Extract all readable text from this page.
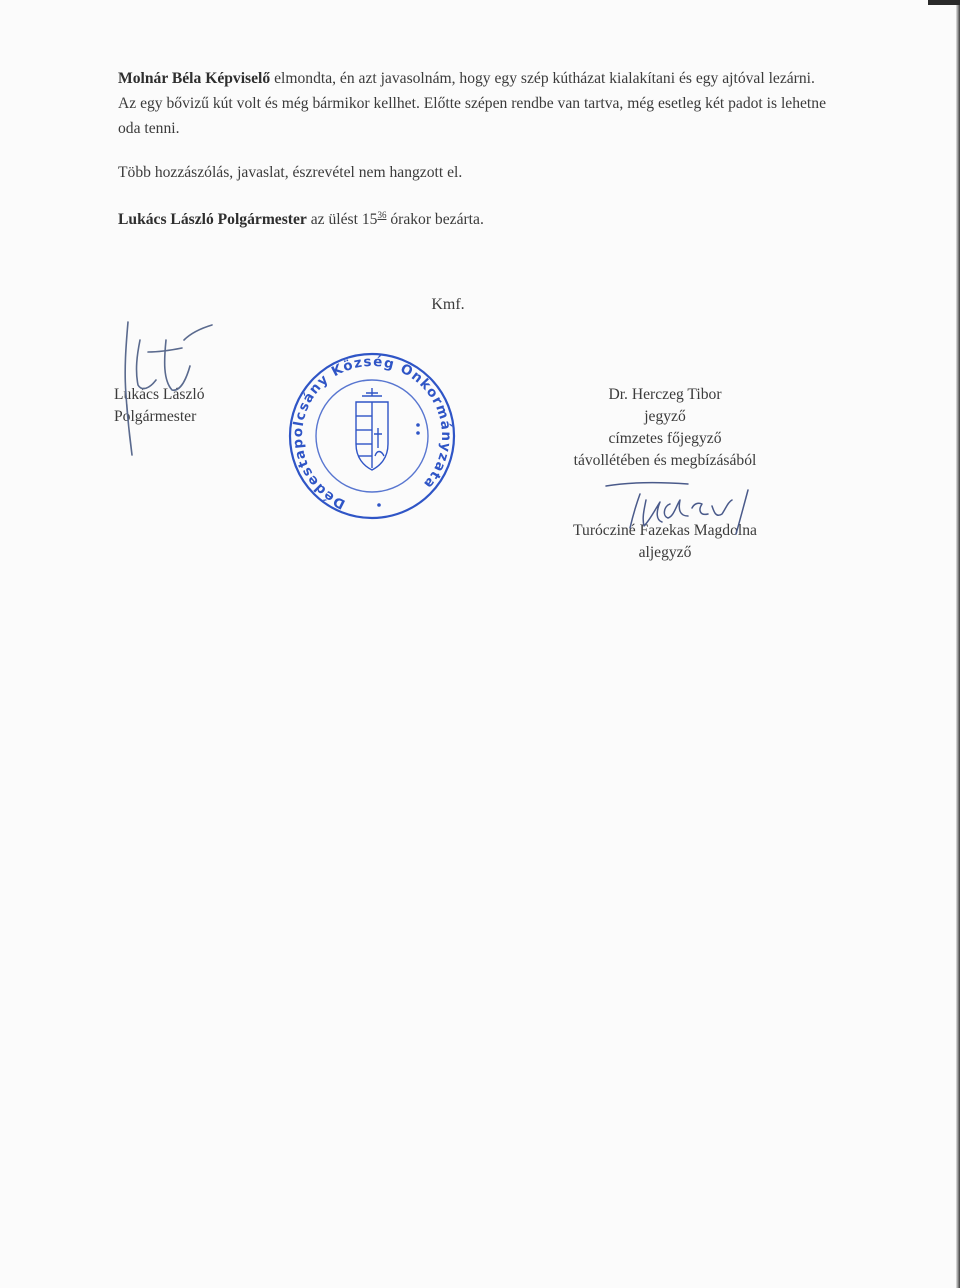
Molnár Béla Képviselő elmondta, én azt javasolnám, hogy egy szép kútházat kialakítani és egy ajtóval lezárni. Az egy bővizű kút volt és még bármikor kellhet. Előtte szépen rendbe van tartva, még esetleg két padot is lehetne oda tenni.

Több hozzászólás, javaslat, észrevétel nem hangzott el.

Lukács László Polgármester az ülést $15^{36}$ órakor bezárta.

Kmf.
Lukács László
Polgármester
Dr. Herczeg Tibor
jegyző
címzetes főjegyző
távollétében és megbízásából
Turócziné Fazekas Magdolna
aljegyző
Dédestapolcsány Község Önkormányzata
